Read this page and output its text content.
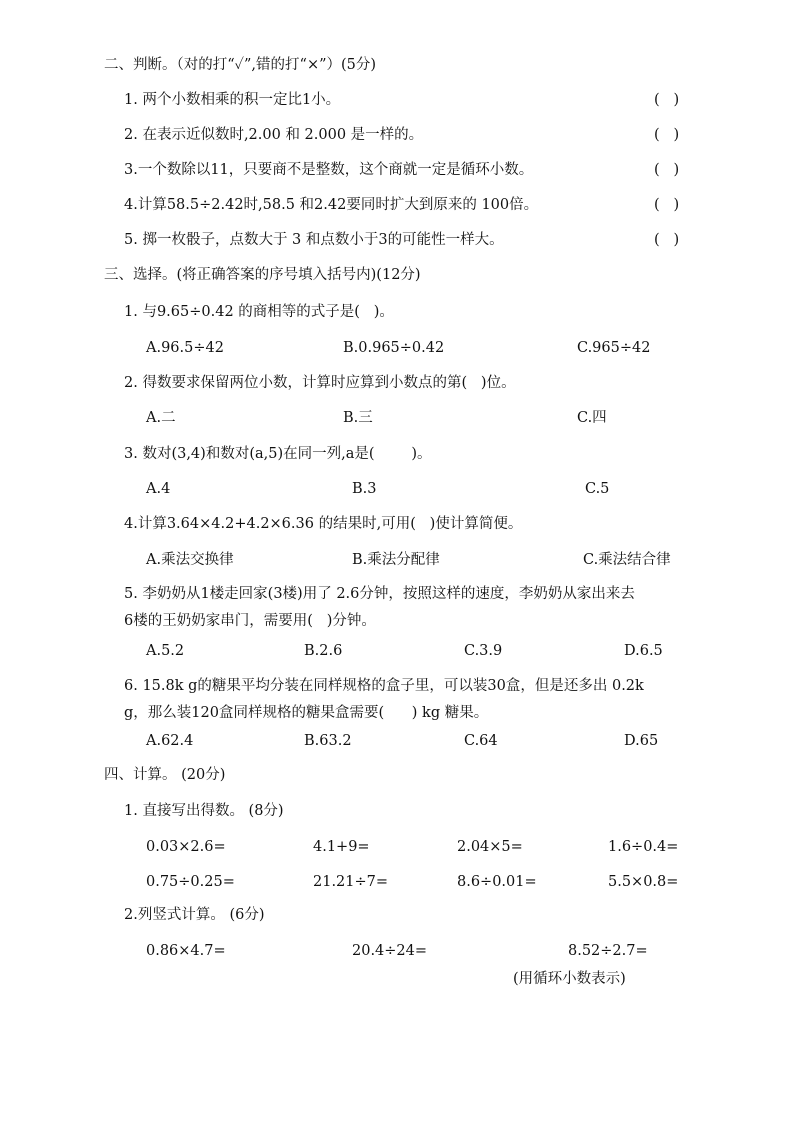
二、判断。（对的打“✓”,错的打“×”）(5分)
1. 两个小数相乘的积一定比1小。	(   )
2. 在表示近似数时,2.00 和 2.000 是一样的。	(   )
3.一个数除以11，只要商不是整数，这个商就一定是循环小数。	(   )
4.计算58.5÷2.42时,58.5 和2.42要同时扩大到原来的 100倍。	(   )
5. 掷一枚骰子，点数大于 3 和点数小于3的可能性一样大。	(   )
三、选择。(将正确答案的序号填入括号内)(12分)
1. 与9.65÷0.42 的商相等的式子是(   )。
A.96.5÷42	B.0.965÷0.42	C.965÷42
2. 得数要求保留两位小数，计算时应算到小数点的第(   )位。
A.二	B.三	C.四
3. 数对(3,4)和数对(a,5)在同一列,a是(        )。
A.4	B.3	C.5
4.计算3.64×4.2+4.2×6.36 的结果时,可用(   )使计算简便。
A.乘法交换律	B.乘法分配律	C.乘法结合律
5. 李奶奶从1楼走回家(3楼)用了 2.6分钟，按照这样的速度，李奶奶从家出来去
6楼的王奶奶家串门，需要用(   )分钟。
A.5.2	B.2.6	C.3.9	D.6.5
6. 15.8k g的糖果平均分装在同样规格的盒子里，可以装30盒，但是还多出 0.2k
g，那么装120盒同样规格的糖果盒需要(      ) kg 糖果。
A.62.4	B.63.2	C.64	D.65
四、计算。 (20分)
1. 直接写出得数。 (8分)
0.03×2.6=	4.1+9=	2.04×5=	1.6÷0.4=
0.75÷0.25=	21.21÷7=	8.6÷0.01=	5.5×0.8=
2.列竖式计算。 (6分)
0.86×4.7=	20.4÷24=	8.52÷2.7=
(用循环小数表示)
